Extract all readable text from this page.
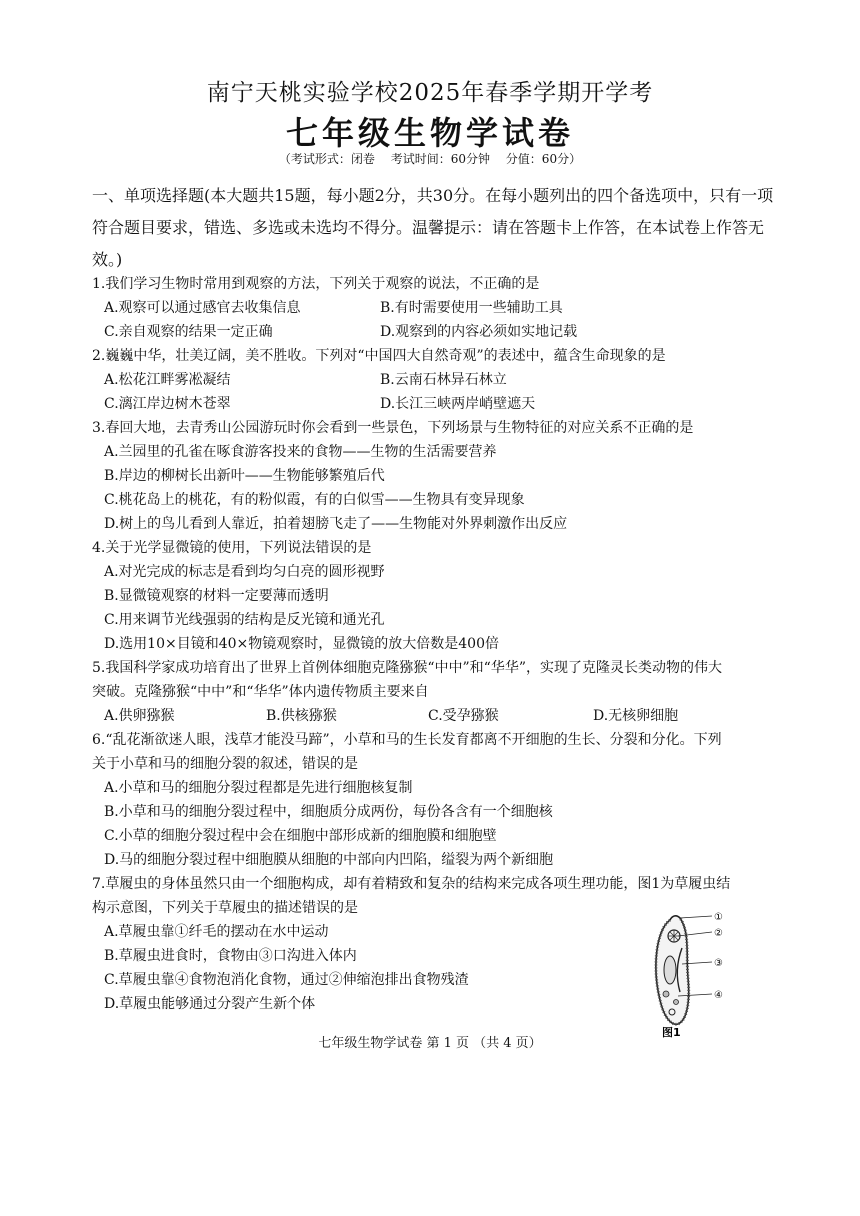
南宁天桃实验学校2025年春季学期开学考
七年级生物学试卷
（考试形式：闭卷　 考试时间：60分钟　 分值：60分）
一、单项选择题(本大题共15题，每小题2分，共30分。在每小题列出的四个备选项中，只有一项符合题目要求，错选、多选或未选均不得分。温馨提示：请在答题卡上作答，在本试卷上作答无效。)
1.我们学习生物时常用到观察的方法，下列关于观察的说法，不正确的是
A.观察可以通过感官去收集信息	B.有时需要使用一些辅助工具
C.亲自观察的结果一定正确	D.观察到的内容必须如实地记载
2.巍巍中华，壮美辽阔，美不胜收。下列对“中国四大自然奇观”的表述中，蕴含生命现象的是
A.松花江畔雾凇凝结	B.云南石林异石林立
C.漓江岸边树木苍翠	D.长江三峡两岸峭壁遮天
3.春回大地，去青秀山公园游玩时你会看到一些景色，下列场景与生物特征的对应关系不正确的是
A.兰园里的孔雀在啄食游客投来的食物——生物的生活需要营养
B.岸边的柳树长出新叶——生物能够繁殖后代
C.桃花岛上的桃花，有的粉似霞，有的白似雪——生物具有变异现象
D.树上的鸟儿看到人靠近，拍着翅膀飞走了——生物能对外界刺激作出反应
4.关于光学显微镜的使用，下列说法错误的是
A.对光完成的标志是看到均匀白亮的圆形视野
B.显微镜观察的材料一定要薄而透明
C.用来调节光线强弱的结构是反光镜和通光孔
D.选用10×目镜和40×物镜观察时，显微镜的放大倍数是400倍
5.我国科学家成功培育出了世界上首例体细胞克隆猕猴“中中”和“华华”，实现了克隆灵长类动物的伟大
突破。克隆猕猴“中中”和“华华”体内遗传物质主要来自
A.供卵猕猴	B.供核猕猴	C.受孕猕猴	D.无核卵细胞
6.“乱花渐欲迷人眼，浅草才能没马蹄”，小草和马的生长发育都离不开细胞的生长、分裂和分化。下列
关于小草和马的细胞分裂的叙述，错误的是
A.小草和马的细胞分裂过程都是先进行细胞核复制
B.小草和马的细胞分裂过程中，细胞质分成两份，每份各含有一个细胞核
C.小草的细胞分裂过程中会在细胞中部形成新的细胞膜和细胞壁
D.马的细胞分裂过程中细胞膜从细胞的中部向内凹陷，缢裂为两个新细胞
7.草履虫的身体虽然只由一个细胞构成，却有着精致和复杂的结构来完成各项生理功能，图1为草履虫结
构示意图，下列关于草履虫的描述错误的是
A.草履虫靠①纤毛的摆动在水中运动
B.草履虫进食时，食物由③口沟进入体内
C.草履虫靠④食物泡消化食物，通过②伸缩泡排出食物残渣
D.草履虫能够通过分裂产生新个体
①
②
③
④
图1
七年级生物学试卷 第 1 页 （共 4 页）
